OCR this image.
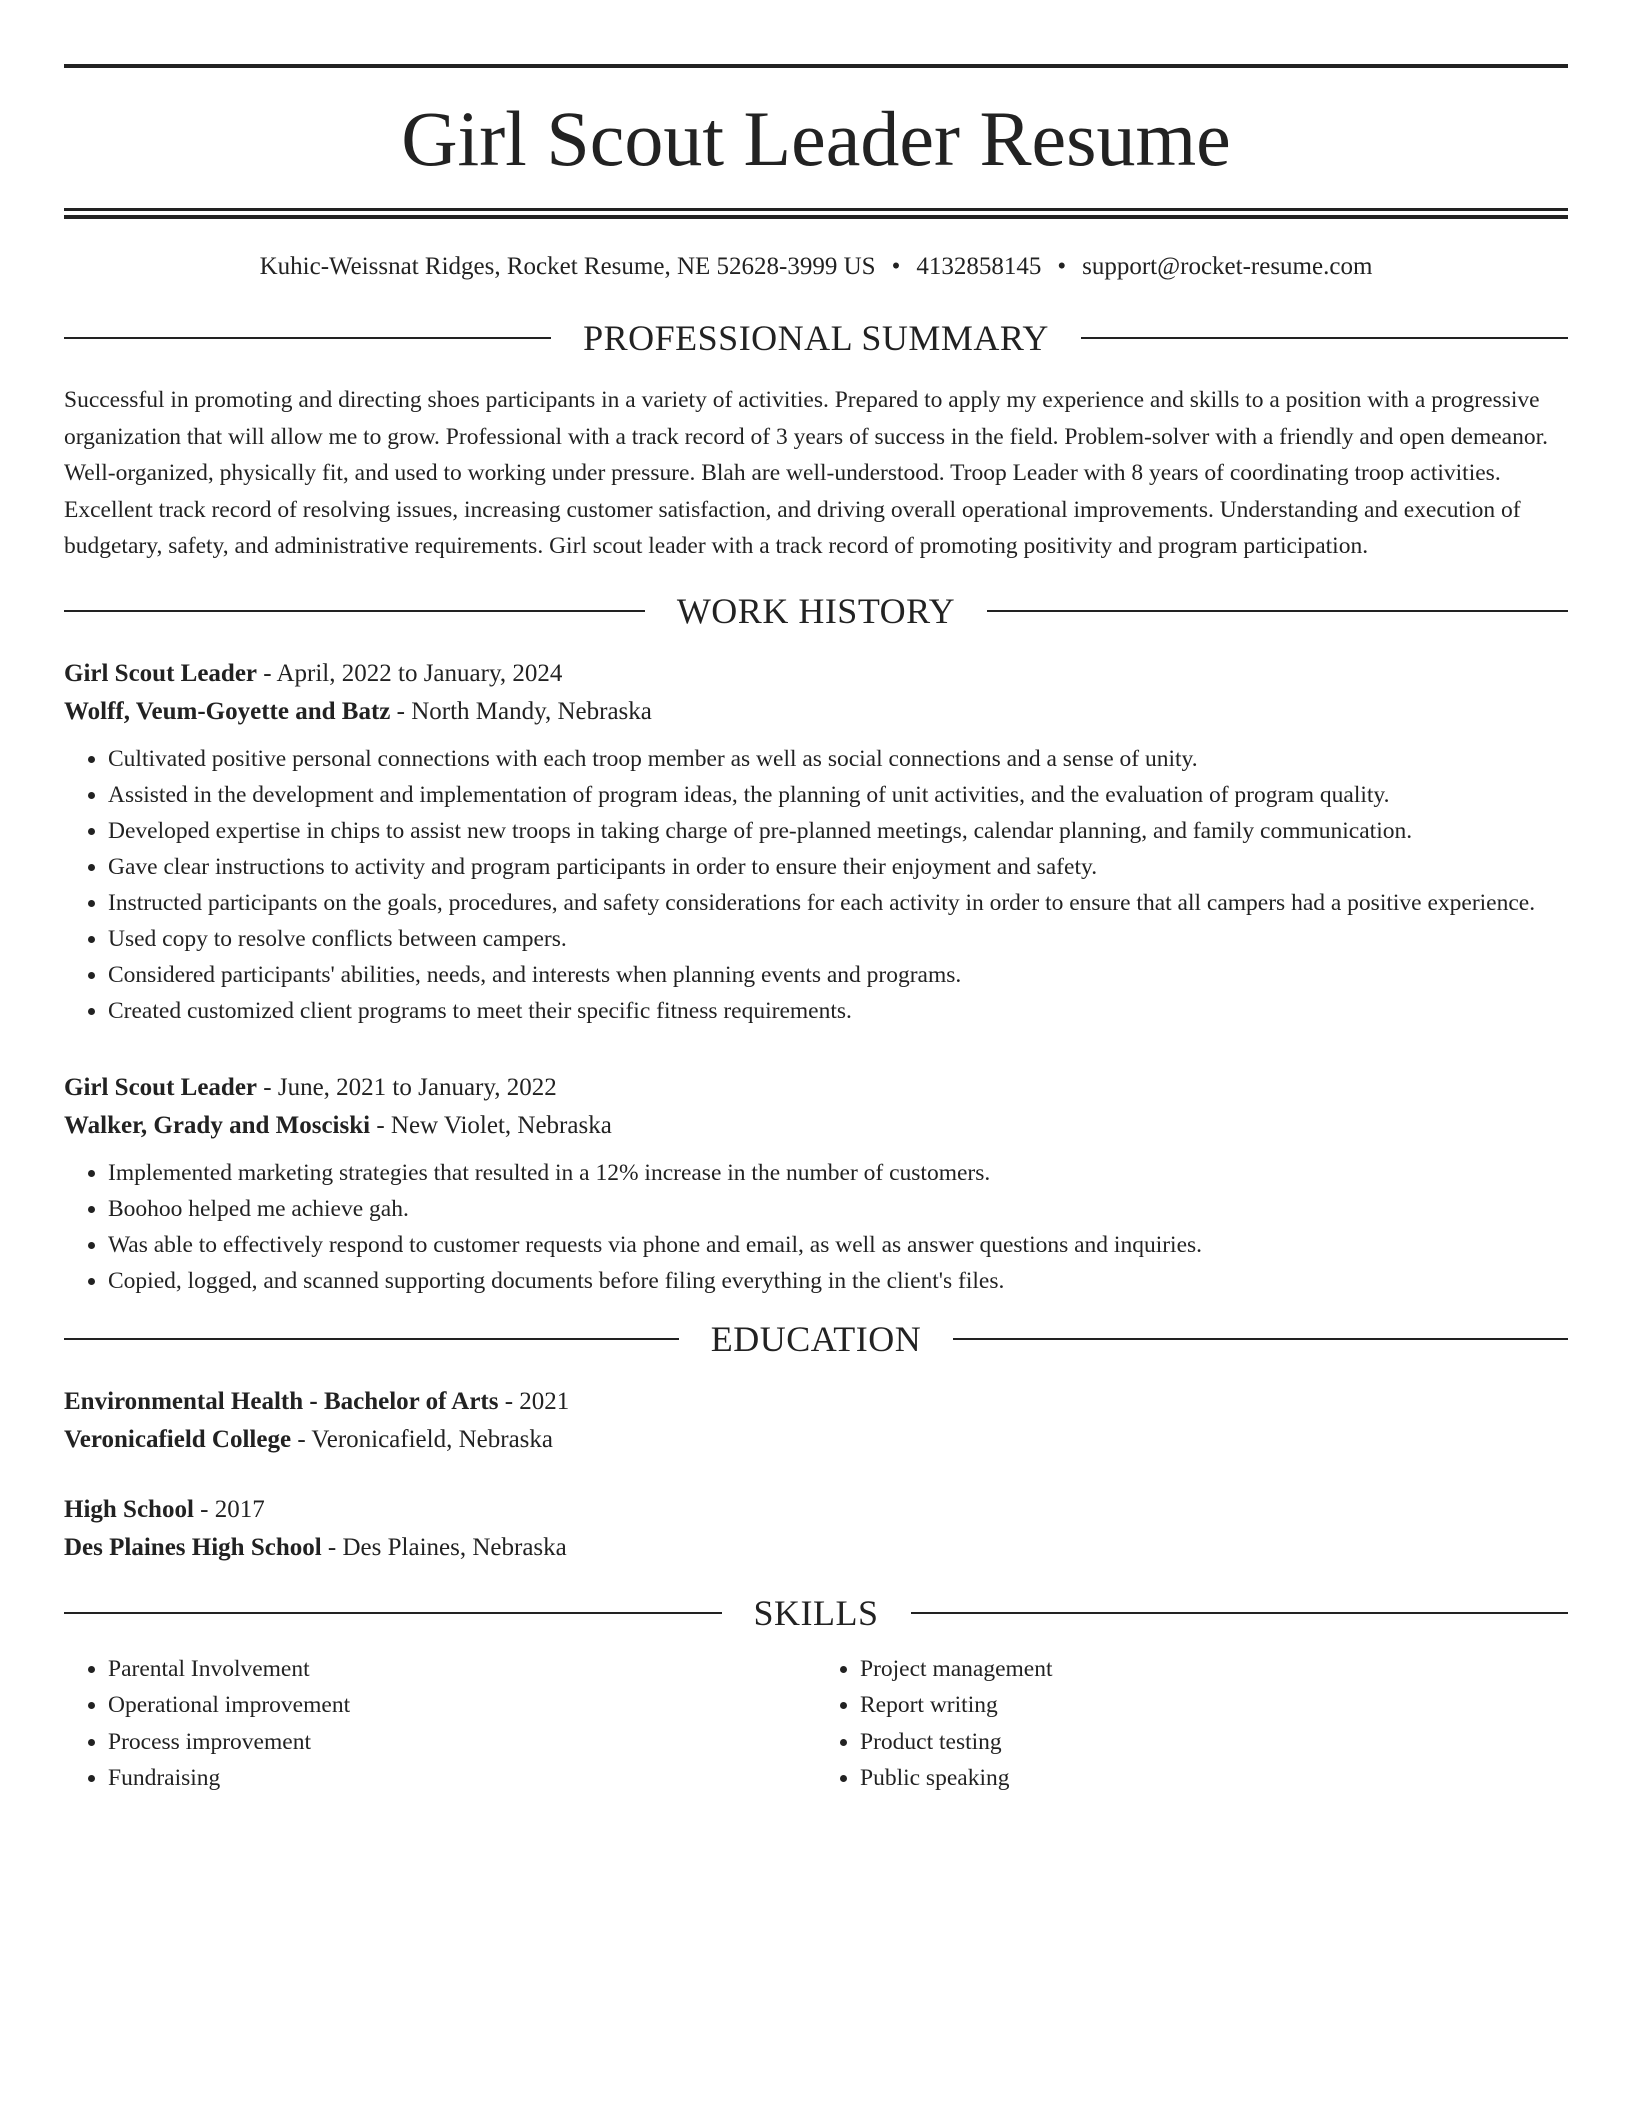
Girl Scout Leader Resume
Kuhic-Weissnat Ridges, Rocket Resume, NE 52628-3999 US • 4132858145 • support@rocket-resume.com
PROFESSIONAL SUMMARY

Successful in promoting and directing shoes participants in a variety of activities. Prepared to apply my experience and skills to a position with a progressive organization that will allow me to grow. Professional with a track record of 3 years of success in the field. Problem-solver with a friendly and open demeanor. Well-organized, physically fit, and used to working under pressure. Blah are well-understood. Troop Leader with 8 years of coordinating troop activities. Excellent track record of resolving issues, increasing customer satisfaction, and driving overall operational improvements. Understanding and execution of budgetary, safety, and administrative requirements. Girl scout leader with a track record of promoting positivity and program participation.

WORK HISTORY
Girl Scout Leader - April, 2022 to January, 2024
Wolff, Veum-Goyette and Batz - North Mandy, Nebraska
• Cultivated positive personal connections with each troop member as well as social connections and a sense of unity.
• Assisted in the development and implementation of program ideas, the planning of unit activities, and the evaluation of program quality.
• Developed expertise in chips to assist new troops in taking charge of pre-planned meetings, calendar planning, and family communication.
• Gave clear instructions to activity and program participants in order to ensure their enjoyment and safety.
• Instructed participants on the goals, procedures, and safety considerations for each activity in order to ensure that all campers had a positive experience.
• Used copy to resolve conflicts between campers.
• Considered participants' abilities, needs, and interests when planning events and programs.
• Created customized client programs to meet their specific fitness requirements.
Girl Scout Leader - June, 2021 to January, 2022
Walker, Grady and Mosciski - New Violet, Nebraska
• Implemented marketing strategies that resulted in a 12% increase in the number of customers.
• Boohoo helped me achieve gah.
• Was able to effectively respond to customer requests via phone and email, as well as answer questions and inquiries.
• Copied, logged, and scanned supporting documents before filing everything in the client's files.
EDUCATION
Environmental Health - Bachelor of Arts - 2021
Veronicafield College - Veronicafield, Nebraska
High School - 2017
Des Plaines High School - Des Plaines, Nebraska
SKILLS
• Parental Involvement
• Operational improvement
• Process improvement
• Fundraising
• Project management
• Report writing
• Product testing
• Public speaking
